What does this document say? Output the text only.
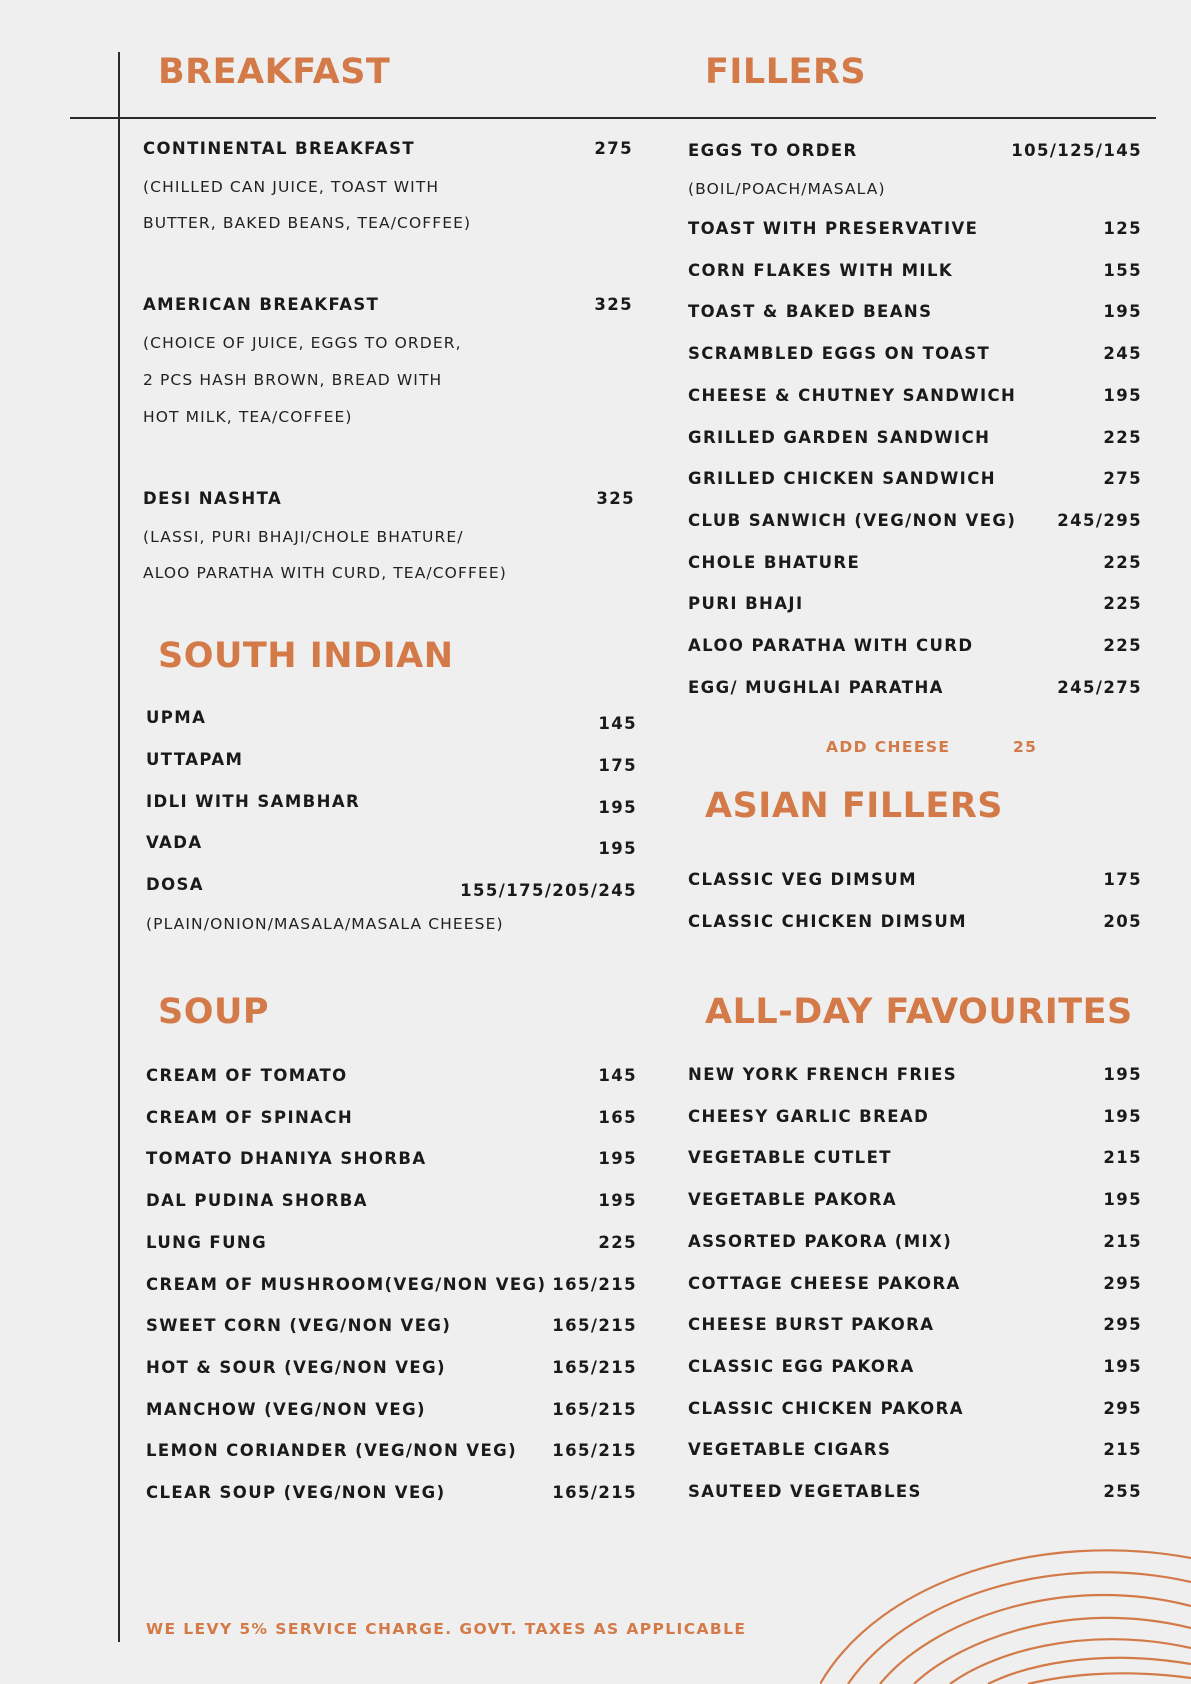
BREAKFAST	FILLERS
SOUTH INDIAN
ASIAN FILLERS
SOUP	ALL-DAY FAVOURITES
CONTINENTAL BREAKFAST	275
(CHILLED CAN JUICE, TOAST WITH
BUTTER, BAKED BEANS, TEA/COFFEE)
AMERICAN BREAKFAST	325
(CHOICE OF JUICE, EGGS TO ORDER,
2 PCS HASH BROWN, BREAD WITH
HOT MILK, TEA/COFFEE)
DESI NASHTA	325
(LASSI, PURI BHAJI/CHOLE BHATURE/
ALOO PARATHA WITH CURD, TEA/COFFEE)
UPMA	145
UTTAPAM	175
IDLI WITH SAMBHAR	195
VADA	195
DOSA	155/175/205/245
(PLAIN/ONION/MASALA/MASALA CHEESE)
CREAM OF TOMATO	145
CREAM OF SPINACH	165
TOMATO DHANIYA SHORBA	195
DAL PUDINA SHORBA	195
LUNG FUNG	225
CREAM OF MUSHROOM(VEG/NON VEG) 165/215
SWEET CORN (VEG/NON VEG)	165/215
HOT & SOUR (VEG/NON VEG)	165/215
MANCHOW (VEG/NON VEG)	165/215
LEMON CORIANDER (VEG/NON VEG) 165/215
CLEAR SOUP (VEG/NON VEG)	165/215
EGGS TO ORDER	105/125/145
(BOIL/POACH/MASALA)
TOAST WITH PRESERVATIVE	125
CORN FLAKES WITH MILK	155
TOAST & BAKED BEANS	195
SCRAMBLED EGGS ON TOAST	245
CHEESE & CHUTNEY SANDWICH	195
GRILLED GARDEN SANDWICH	225
GRILLED CHICKEN SANDWICH	275
CLUB SANWICH (VEG/NON VEG) 245/295
CHOLE BHATURE	225
PURI BHAJI	225
ALOO PARATHA WITH CURD	225
EGG/ MUGHLAI PARATHA	245/275
ADD CHEESE	25
CLASSIC VEG DIMSUM	175
CLASSIC CHICKEN DIMSUM	205
NEW YORK FRENCH FRIES	195
CHEESY GARLIC BREAD	195
VEGETABLE CUTLET	215
VEGETABLE PAKORA	195
ASSORTED PAKORA (MIX)	215
COTTAGE CHEESE PAKORA	295
CHEESE BURST PAKORA	295
CLASSIC EGG PAKORA	195
CLASSIC CHICKEN PAKORA	295
VEGETABLE CIGARS	215
SAUTEED VEGETABLES	255
WE LEVY 5% SERVICE CHARGE. GOVT. TAXES AS APPLICABLE
